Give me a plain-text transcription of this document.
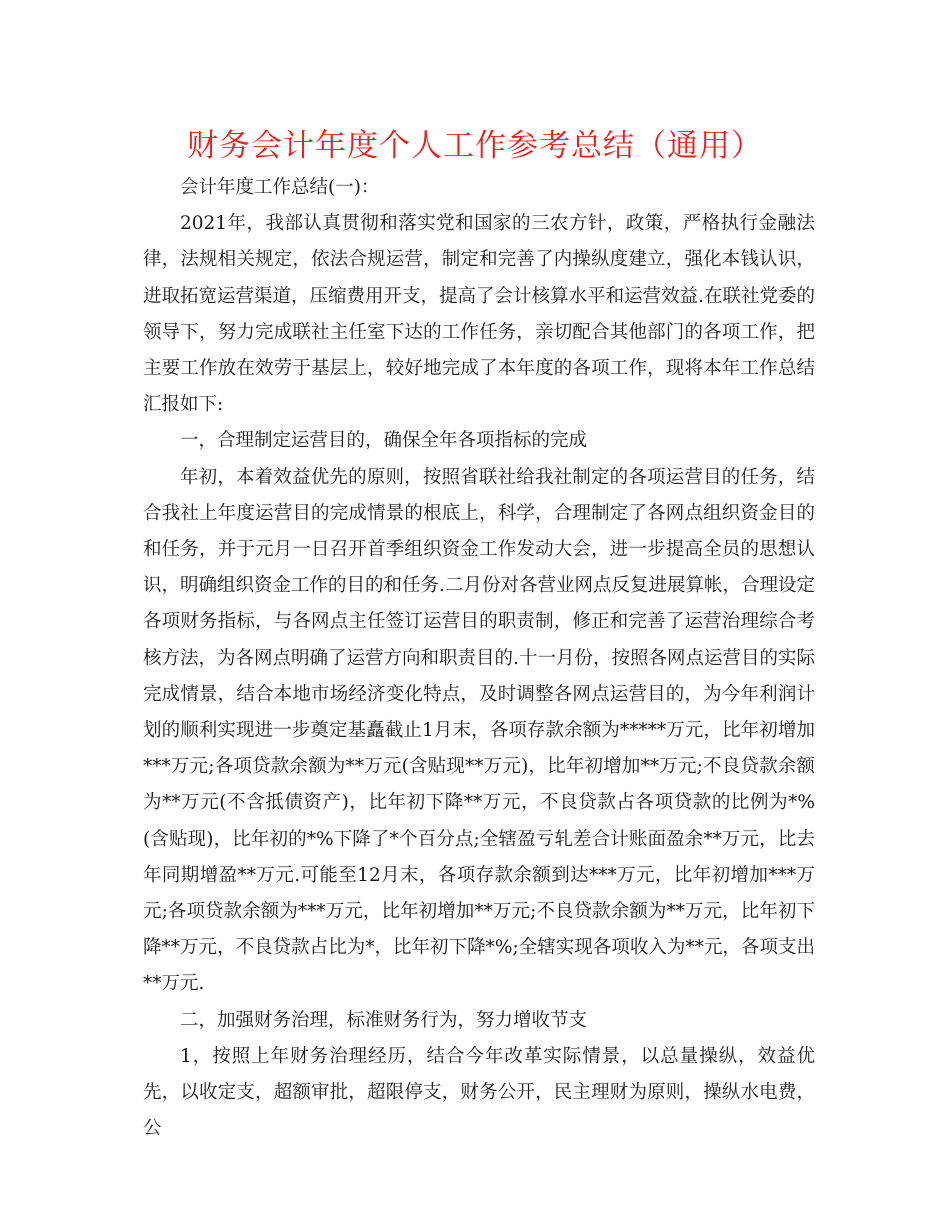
财务会计年度个人工作参考总结（通用）

会计年度工作总结(一)：

2021年，我部认真贯彻和落实党和国家的三农方针，政策，严格执行金融法律，法规相关规定，依法合规运营，制定和完善了内操纵度建立，强化本钱认识，进取拓宽运营渠道，压缩费用开支，提高了会计核算水平和运营效益.在联社党委的领导下，努力完成联社主任室下达的工作任务，亲切配合其他部门的各项工作，把主要工作放在效劳于基层上，较好地完成了本年度的各项工作，现将本年工作总结汇报如下:

一，合理制定运营目的，确保全年各项指标的完成

年初，本着效益优先的原则，按照省联社给我社制定的各项运营目的任务，结合我社上年度运营目的完成情景的根底上，科学，合理制定了各网点组织资金目的和任务，并于元月一日召开首季组织资金工作发动大会，进一步提高全员的思想认识，明确组织资金工作的目的和任务.二月份对各营业网点反复进展算帐，合理设定各项财务指标，与各网点主任签订运营目的职责制，修正和完善了运营治理综合考核方法，为各网点明确了运营方向和职责目的.十一月份，按照各网点运营目的实际完成情景，结合本地市场经济变化特点，及时调整各网点运营目的，为今年利润计划的顺利实现进一步奠定基矗截止1月末，各项存款余额为*****万元，比年初增加***万元;各项贷款余额为**万元(含贴现**万元)，比年初增加**万元;不良贷款余额为**万元(不含抵债资产)，比年初下降**万元，不良贷款占各项贷款的比例为*%(含贴现)，比年初的*%下降了*个百分点;全辖盈亏轧差合计账面盈余**万元，比去年同期增盈**万元.可能至12月末，各项存款余额到达***万元，比年初增加***万元;各项贷款余额为***万元，比年初增加**万元;不良贷款余额为**万元，比年初下降**万元，不良贷款占比为*，比年初下降*%;全辖实现各项收入为**元，各项支出**万元.

二，加强财务治理，标准财务行为，努力增收节支

1，按照上年财务治理经历，结合今年改革实际情景，以总量操纵，效益优先，以收定支，超额审批，超限停支，财务公开，民主理财为原则，操纵水电费，公
